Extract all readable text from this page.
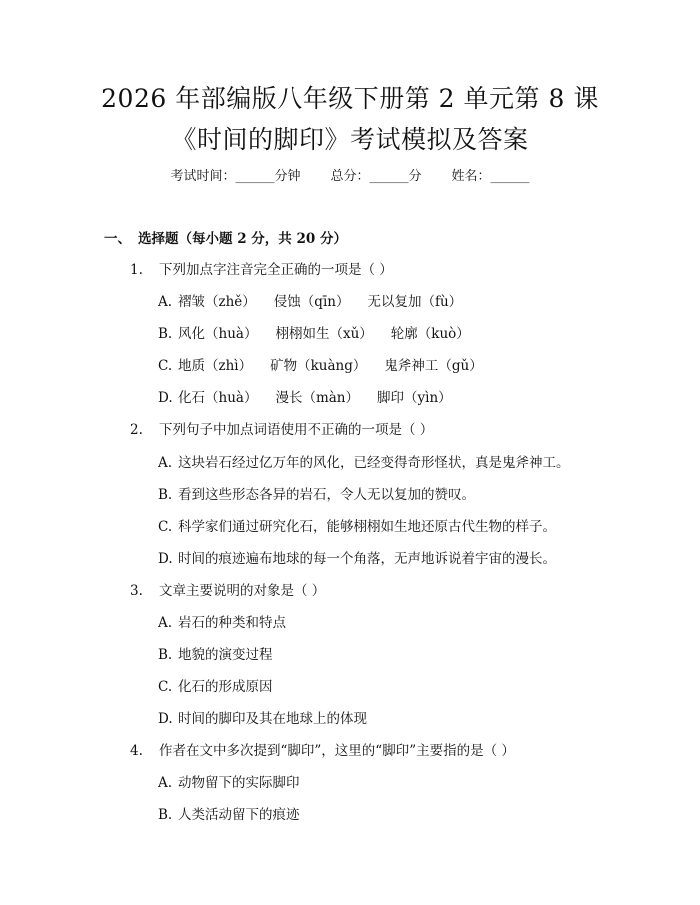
2026 年部编版八年级下册第 2 单元第 8 课
《时间的脚印》考试模拟及答案
考试时间：______分钟 总分：______分 姓名：______
一、 选择题（每小题 2 分，共 20 分）
1. 下列加点字注音完全正确的一项是（ ）
A. 褶皱（zhě） 侵蚀（qīn） 无以复加（fù）
B. 风化（huà） 栩栩如生（xǔ） 轮廓（kuò）
C. 地质（zhì） 矿物（kuàng） 鬼斧神工（gǔ）
D. 化石（huà） 漫长（màn） 脚印（yìn）
2. 下列句子中加点词语使用不正确的一项是（ ）
A. 这块岩石经过亿万年的风化，已经变得奇形怪状，真是鬼斧神工。
B. 看到这些形态各异的岩石，令人无以复加的赞叹。
C. 科学家们通过研究化石，能够栩栩如生地还原古代生物的样子。
D. 时间的痕迹遍布地球的每一个角落，无声地诉说着宇宙的漫长。
3. 文章主要说明的对象是（ ）
A. 岩石的种类和特点
B. 地貌的演变过程
C. 化石的形成原因
D. 时间的脚印及其在地球上的体现
4. 作者在文中多次提到“脚印”，这里的“脚印”主要指的是（ ）
A. 动物留下的实际脚印
B. 人类活动留下的痕迹
